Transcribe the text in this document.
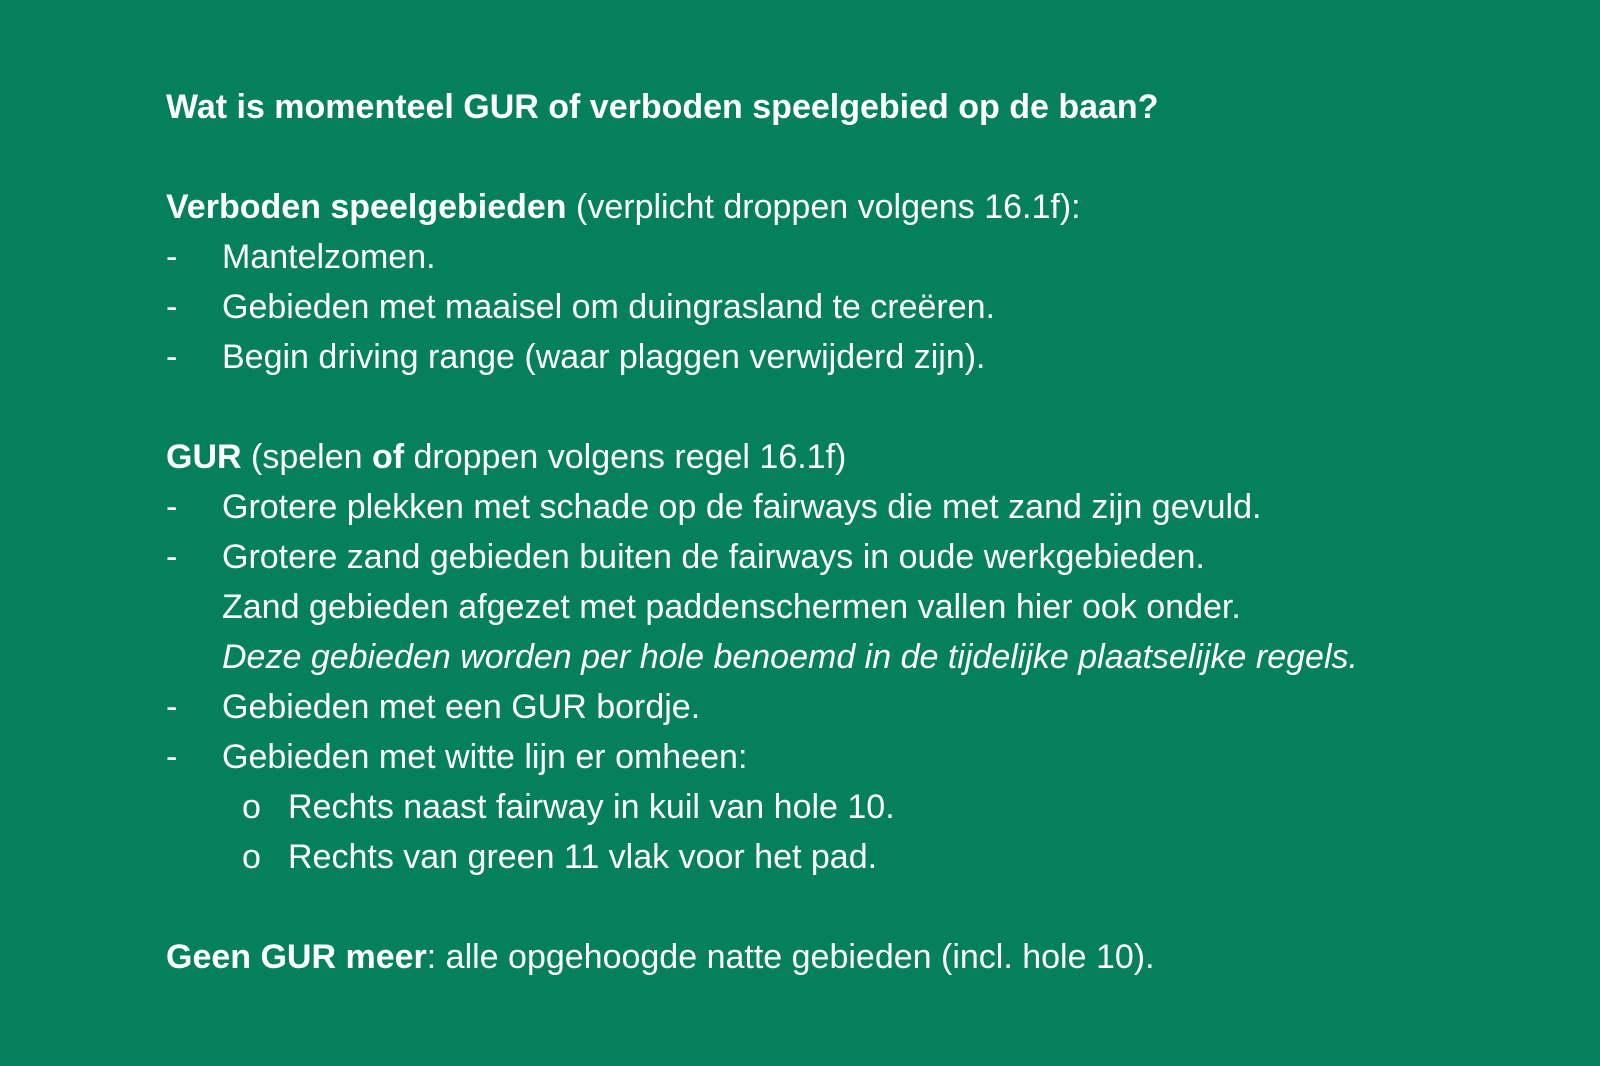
Wat is momenteel GUR of verboden speelgebied op de baan?
Verboden speelgebieden (verplicht droppen volgens 16.1f):
-	Mantelzomen.
-	Gebieden met maaisel om duingrasland te creëren.
-	Begin driving range (waar plaggen verwijderd zijn).
GUR (spelen of droppen volgens regel 16.1f)
-	Grotere plekken met schade op de fairways die met zand zijn gevuld.
-	Grotere zand gebieden buiten de fairways in oude werkgebieden.
Zand gebieden afgezet met paddenschermen vallen hier ook onder.
Deze gebieden worden per hole benoemd in de tijdelijke plaatselijke regels.
-	Gebieden met een GUR bordje.
-	Gebieden met witte lijn er omheen:
o Rechts naast fairway in kuil van hole 10.
o Rechts van green 11 vlak voor het pad.
Geen GUR meer: alle opgehoogde natte gebieden (incl. hole 10).
